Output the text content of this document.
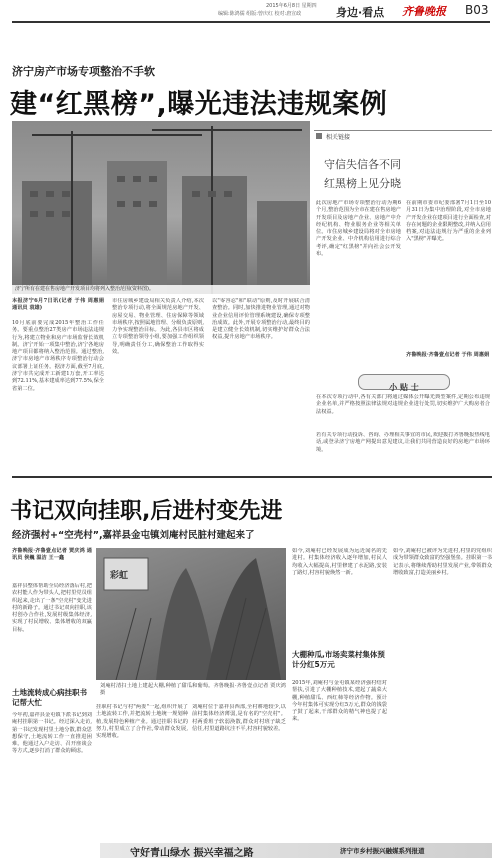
2015年6月8日 星期四
编辑:陈鸿儒 组版:曾庆红 校对:唐宣政	身边·看点 齐鲁晚报 B03
济宁房产市场专项整治不手软
建“红黑榜”,曝光违法违规案例
济宁所有在建在售房地产开发项目均将列入整治范围(资料图)。
本报济宁6月7日讯(记者 于伟 周惠娟 通讯员 袁雄)
10月底前要完成2015年整治工作任务。要重点整治27类房产市场违法违规行为,将建立物业和房产市场监督长效机制。济宁开始一项集中整治,济宁各地房地产项目都将纳入整治范围。通过整治,济宁市房地产市场秩序专项整治行动会议部署上证任务。据济方面,截至7月底,济宁市共完成开工新建1万套,开工率达到72.11%,基本建成率达到77.5%,保全省第二位。
市住房城乡建设局相关负责人介绍,本次整治专项行动,将全面规范房地产开发、房屋交易、物业管理、住房保障等领域市场秩序,按照属地管理、分级负责原则,力争实现整治目标。为此,各县市区将成立专项整治领导小组,要加强工作组织领导,明确责任分工,确保整治工作取得实效。
以"零容忍"和"联动"原则,及时开展联合清查整治。同时,加快推进物业管理,通过对物业企业信用评价管理系统建设,确保专项整治成效。此外,开展专项整治行动,最终目的是建立健全长效机制,切实维护好群众合法权益,提升房地产市场秩序。
相关链接
守信失信各不同
红黑榜上见分晓
此次房地产市场专项整治行动为期6个月,整治范围为全市在建在售房地产开发项目及房地产企业、房地产中介经纪机构、物业服务企业等相关单位。市住房城乡建设局将对全市房地产开发企业、中介机构信用进行综合考评,确定"红黑榜"并向社会公开发布。
在前期市委市纪委部署7月1日至10月31日为集中治理阶段,对全市房地产开发企业在建项目进行全面检查,对存在问题的企业限期整改,并纳入信用档案,对违法违规行为严重的企业列入"黑榜"并曝光。
齐鲁晚报·齐鲁壹点记者 于伟 周惠娟
小 贴 士
在本次专项行动中,各有关部门将通过媒体公开曝光典型案件,定期公布违规企业名单,并严格按照法律法规对违规企业进行处罚,切实维护广大购房者合法权益。
若有关专项行动投诉、咨询、办理相关事宜的市民,欢迎拨打齐鲁晚报热线电话,或登录济宁房地产网提出意见建议,让我们共同营造良好的房地产市场环境。
书记双向挂职,后进村变先进
经济强村+“空壳村”,嘉祥县金屯镇刘庵村民脏村建起来了
齐鲁晚报·齐鲁壹点记者 贾庆鸿 通讯员 侯巍 温洁 王一鑫
嘉祥县整体帮助全局经济落后村,把农村能人作为带头人,把村里党员组织起来,走出了一条"空壳村"变先进村的新路子。通过书记双向挂职,该村创办合作社,发展村级集体经济,实现了村民增收、集体增收的双赢目标。
彩虹
刘庵村清扫土地上建起大棚,种植了甜瓜和葡萄。齐鲁晚报·齐鲁壹点记者 贾庆鸿 摄
土地流转成心病挂职书记帮大忙
今年初,嘉祥县金屯镇下派书记到刘庵村挂职第一书记。经过深入走访,第一书记发现村里土地分散,群众思想保守,土地流转工作一直推进困难。他通过入户走访、召开座谈会等方式,逐步打消了群众的顾虑。
挂职村书记与村"两委"一起,组织开展了土地流转工作,并把流转土地统一规划种植,发展特色种植产业。通过挂职书记的努力,村里成立了合作社,带动群众发展,实现增收。
刘庵村位于嘉祥县西部,全村耕地较少,以前村集体经济薄弱,是有名的"空壳村"。村两委班子软弱涣散,群众对村班子缺乏信任,村里道路坑洼不平,村容村貌较差。
如今,刘庵村已经发展成为远近闻名的先进村。村集体经济收入逐年增加,村民人均收入大幅提高,村里修建了水泥路,安装了路灯,村容村貌焕然一新。
大棚种瓜,市场卖菜村集体预计分红5万元
2015年,刘庵村与金屯镇某经济强村结对帮扶,引进了大棚种植技术,建起了蔬菜大棚,种植甜瓜、西红柿等经济作物。预计今年村集体可实现分红5万元,群众的钱袋子鼓了起来,干部群众的精气神也提了起来。
如今,刘庵村已被评为先进村,村里的党组织成为带领群众致富的坚强堡垒。挂职第一书记表示,将继续帮助村里发展产业,带领群众增收致富,打造美丽乡村。
守好青山绿水 振兴幸福之路	济宁市乡村振兴融媒系列报道
